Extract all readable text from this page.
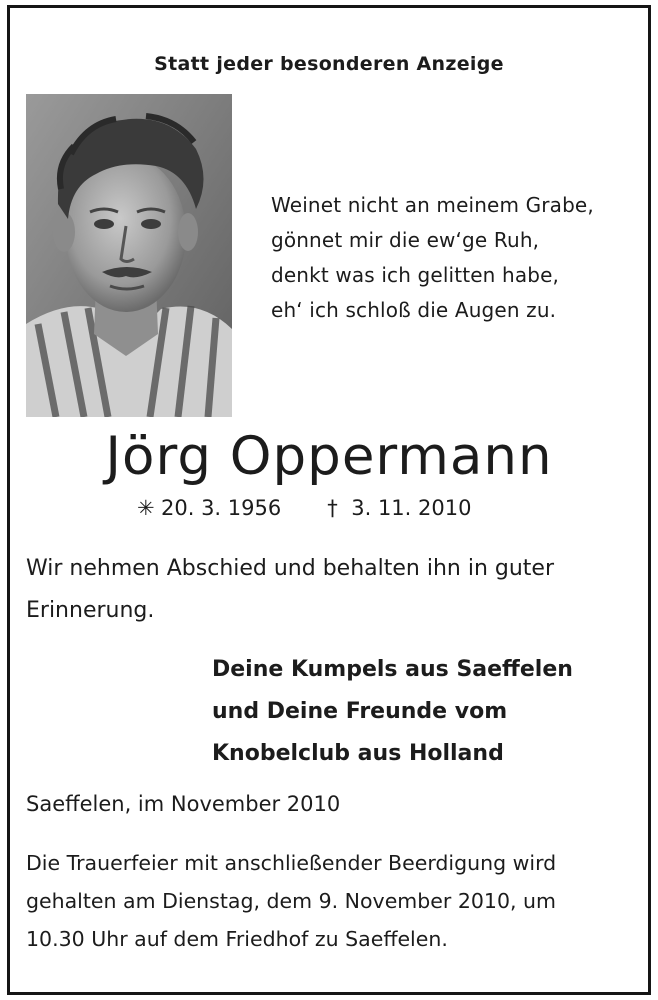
Statt jeder besonderen Anzeige
Weinet nicht an meinem Grabe,
gönnet mir die ew‘ge Ruh,
denkt was ich gelitten habe,
eh‘ ich schloß die Augen zu.
Jörg Oppermann
✳ 20. 3. 1956 † 3. 11. 2010
Wir nehmen Abschied und behalten ihn in guter
Erinnerung.
Deine Kumpels aus Saeffelen
und Deine Freunde vom
Knobelclub aus Holland
Saeffelen, im November 2010
Die Trauerfeier mit anschließender Beerdigung wird
gehalten am Dienstag, dem 9. November 2010, um
10.30 Uhr auf dem Friedhof zu Saeffelen.
